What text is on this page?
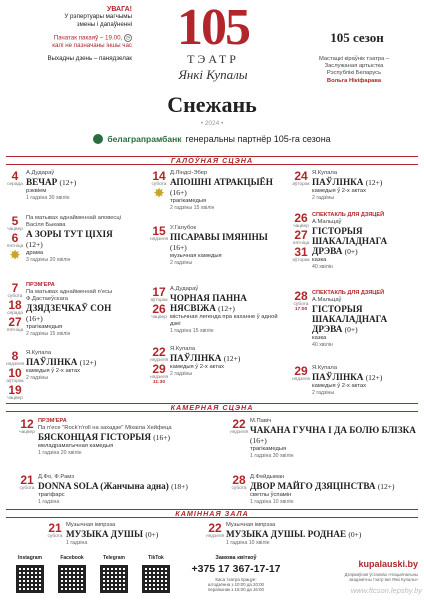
УВАГА!
У рэпертуары магчымы
змены і дапаўненні
Пачатак пакаяў – 19.00, ◷
калі не пазначаны іншы час
Выхадны дзень – панядзелак
105
ТЭАТР
Янкі Купалы
105 сезон
Мастацкі кіраўнік тэатра –
Заслужаная артыстка
Рэспублікі Беларусь
Вольга Нікіфарава
Снежань
• 2024 •
белаграпрамбанк генеральны партнёр 105-га сезона
ГАЛОЎНАЯ СЦЭНА
КАМЕРНАЯ СЦЭНА
КАМІННАЯ ЗАЛА
4
серада
А.Дудараў
ВЕЧАР (12+)
рэквіем
1 гадзіна 30 хвілін
5
чацвер
6
пятніца
✸
Па матывах аднайменнай аповесці Васіля Быкава
А ЗОРЫ ТУТ ЦІХІЯ (12+)
драма
3 гадзіны 20 хвілін
7
субота
18
серада
27
пятніца
ПРЭМ'ЕРА
Па матывах аднайменнай п'есы Ф.Дастаеўскага
ДЗЯДЗЕЧКАЎ СОН (16+)
трагікамедыя
2 гадзіны 15 хвілін
8
нядзеля
10
аўторак
19
чацвер
Я.Купала
ПАЎЛІНКА (12+)
камедыя ў 2-х актах
2 гадзіны
14
субота
✸
Д.Ліндсі-Эбер
АПОШНІ АТРАКЦЫЁН (16+)
трагікамедыя
2 гадзіны 15 хвілін
15
нядзеля
У.Галубок
ПІСАРАВЫ ІМЯНІНЫ (16+)
музычная камедыя
2 гадзіны
17
аўторак
26
чацвер
А.Дудараў
ЧОРНАЯ ПАННА НЯСВІЖА (12+)
містычная легенда пра каханне ў адной дзеі
1 гадзіна 15 хвілін
22
нядзеля
29
нядзеля
11:30
Я.Купала
ПАЎЛІНКА (12+)
камедыя ў 2-х актах
2 гадзіны
24
аўторак
Я.Купала
ПАЎЛІНКА (12+)
камедыя ў 2-х актах
2 гадзіны
26
чацвер
27
пятніца
31
аўторак
СПЕКТАКЛЬ ДЛЯ ДЗЯЦЕЙ
А.Мальцаў
ГІСТОРЫЯ ШАКАЛАДНАГА ДРЭВА (0+)
казка
40 хвілін
28
субота
17:00
СПЕКТАКЛЬ ДЛЯ ДЗЯЦЕЙ
А.Мальцаў
ГІСТОРЫЯ ШАКАЛАДНАГА ДРЭВА (0+)
казка
40 хвілін
29
нядзеля
Я.Купала
ПАЎЛІНКА (12+)
камедыя ў 2-х актах
2 гадзіны
12
чацвер
ПРЭМ'ЕРА
Па п'есе "Rock'n'roll на захадзе" Міхаіла Хейфеца
БЯСКОНЦАЯ ГІСТОРЫЯ (16+)
меладраматычная камедыя
1 гадзіна 20 хвілін
21
субота
Д.Фо, Ф.Рамэ
DONNA SOLA (Жанчына адна) (18+)
трагіфарс
1 гадзіна
22
нядзеля
М.Павіч
ЧАКАНА ГУЧНА І ДА БОЛЮ БЛІЗКА (16+)
трагікамедыя
1 гадзіна 30 хвілін
28
субота
Д.Фейдыман
ДВОР МАЙГО ДЗЯЦІНСТВА (12+)
светлы ўспамін
1 гадзіна 10 хвілін
21
субота
Музычная імпрэза
МУЗЫКА ДУШЫ (0+)
1 гадзіна
22
нядзеля
Музычная імпрэза
МУЗЫКА ДУШЫ. РОДНАЕ (0+)
1 гадзіна 10 хвілін
Instagram	Facebook	Telegram	TikTok	Замова квіткоў
+375 17 367-17-17
Каса тэатра працуе:
штодзённа з 10:00 да 20:00
перапынак з 15:00 да 16:00
kupalauski.by
Дзяржаўная ўстанова «Нацыянальны
акадэмічны тэатр імя Янкі Купалы»
www.ftcson.lepshy.by
